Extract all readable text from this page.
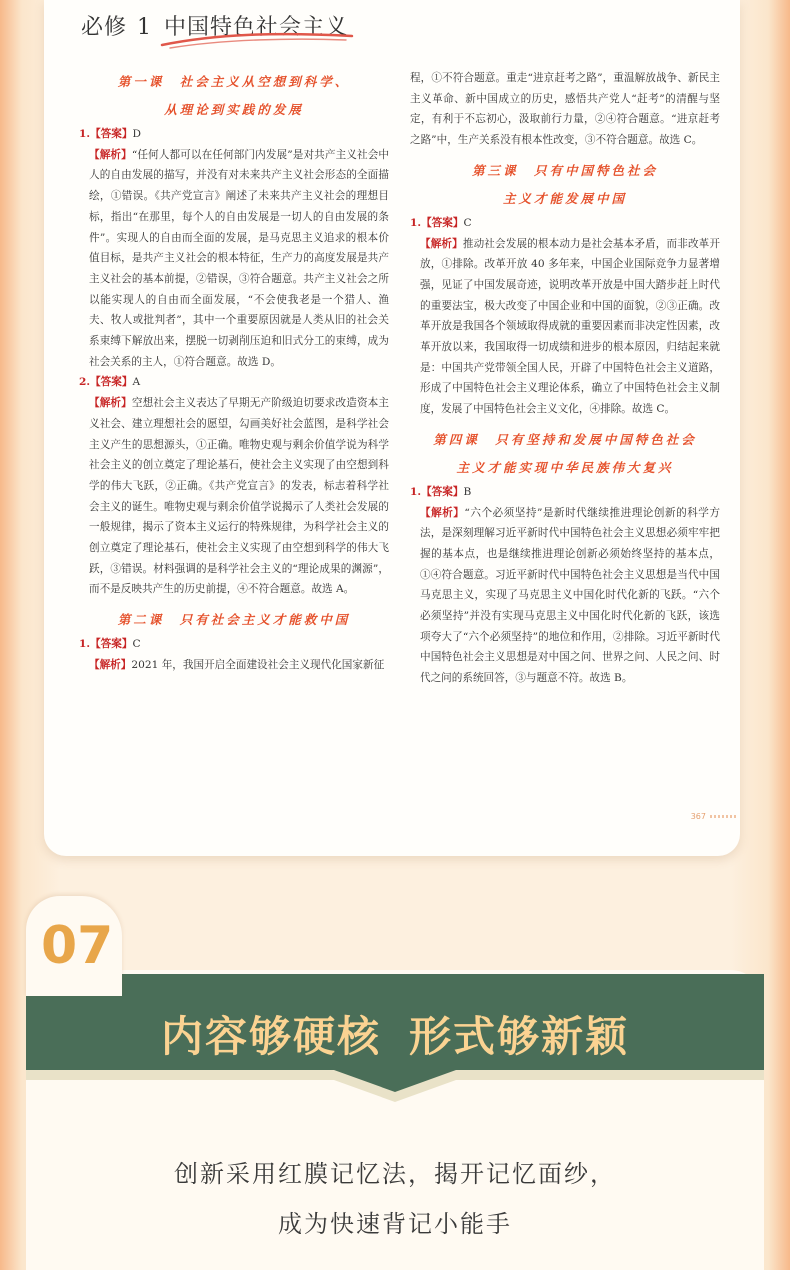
必修 1 中国特色社会主义
第一课　社会主义从空想到科学、
从理论到实践的发展

1.【答案】D

【解析】“任何人都可以在任何部门内发展”是对共产主义社会中人的自由发展的描写，并没有对未来共产主义社会形态的全面描绘，①错误。《共产党宣言》阐述了未来共产主义社会的理想目标，指出“在那里，每个人的自由发展是一切人的自由发展的条件”。实现人的自由而全面的发展，是马克思主义追求的根本价值目标，是共产主义社会的根本特征，生产力的高度发展是共产主义社会的基本前提，②错误，③符合题意。共产主义社会之所以能实现人的自由而全面发展，“不会使我老是一个猎人、渔夫、牧人或批判者”，其中一个重要原因就是人类从旧的社会关系束缚下解放出来，摆脱一切剥削压迫和旧式分工的束缚，成为社会关系的主人，①符合题意。故选 D。

2.【答案】A

【解析】空想社会主义表达了早期无产阶级迫切要求改造资本主义社会、建立理想社会的愿望，勾画美好社会蓝图，是科学社会主义产生的思想源头，①正确。唯物史观与剩余价值学说为科学社会主义的创立奠定了理论基石，使社会主义实现了由空想到科学的伟大飞跃，②正确。《共产党宣言》的发表，标志着科学社会主义的诞生。唯物史观与剩余价值学说揭示了人类社会发展的一般规律，揭示了资本主义运行的特殊规律，为科学社会主义的创立奠定了理论基石，使社会主义实现了由空想到科学的伟大飞跃，③错误。材料强调的是科学社会主义的“理论成果的渊源”，而不是反映共产生的历史前提，④不符合题意。故选 A。

第二课　只有社会主义才能救中国

1.【答案】C

【解析】2021 年，我国开启全面建设社会主义现代化国家新征

程，①不符合题意。重走“进京赶考之路”，重温解放战争、新民主主义革命、新中国成立的历史，感悟共产党人“赶考”的清醒与坚定，有利于不忘初心，汲取前行力量，②④符合题意。“进京赶考之路”中，生产关系没有根本性改变，③不符合题意。故选 C。

第三课　只有中国特色社会
主义才能发展中国

1.【答案】C

【解析】推动社会发展的根本动力是社会基本矛盾，而非改革开放，①排除。改革开放 40 多年来，中国企业国际竞争力显著增强，见证了中国发展奇迹，说明改革开放是中国大踏步赶上时代的重要法宝，极大改变了中国企业和中国的面貌，②③正确。改革开放是我国各个领域取得成就的重要因素而非决定性因素，改革开放以来，我国取得一切成绩和进步的根本原因，归结起来就是：中国共产党带领全国人民，开辟了中国特色社会主义道路，形成了中国特色社会主义理论体系，确立了中国特色社会主义制度，发展了中国特色社会主义文化，④排除。故选 C。

第四课　只有坚持和发展中国特色社会
主义才能实现中华民族伟大复兴

1.【答案】B

【解析】“六个必须坚持”是新时代继续推进理论创新的科学方法，是深刻理解习近平新时代中国特色社会主义思想必须牢牢把握的基本点，也是继续推进理论创新必须始终坚持的基本点，①④符合题意。习近平新时代中国特色社会主义思想是当代中国马克思主义，实现了马克思主义中国化时代化新的飞跃。“六个必须坚持”并没有实现马克思主义中国化时代化新的飞跃，该选项夸大了“六个必须坚持”的地位和作用，②排除。习近平新时代中国特色社会主义思想是对中国之问、世界之问、人民之问、时代之问的系统回答，③与题意不符。故选 B。

367
07
内容够硬核 形式够新颖
创新采用红膜记忆法，揭开记忆面纱，
成为快速背记小能手
